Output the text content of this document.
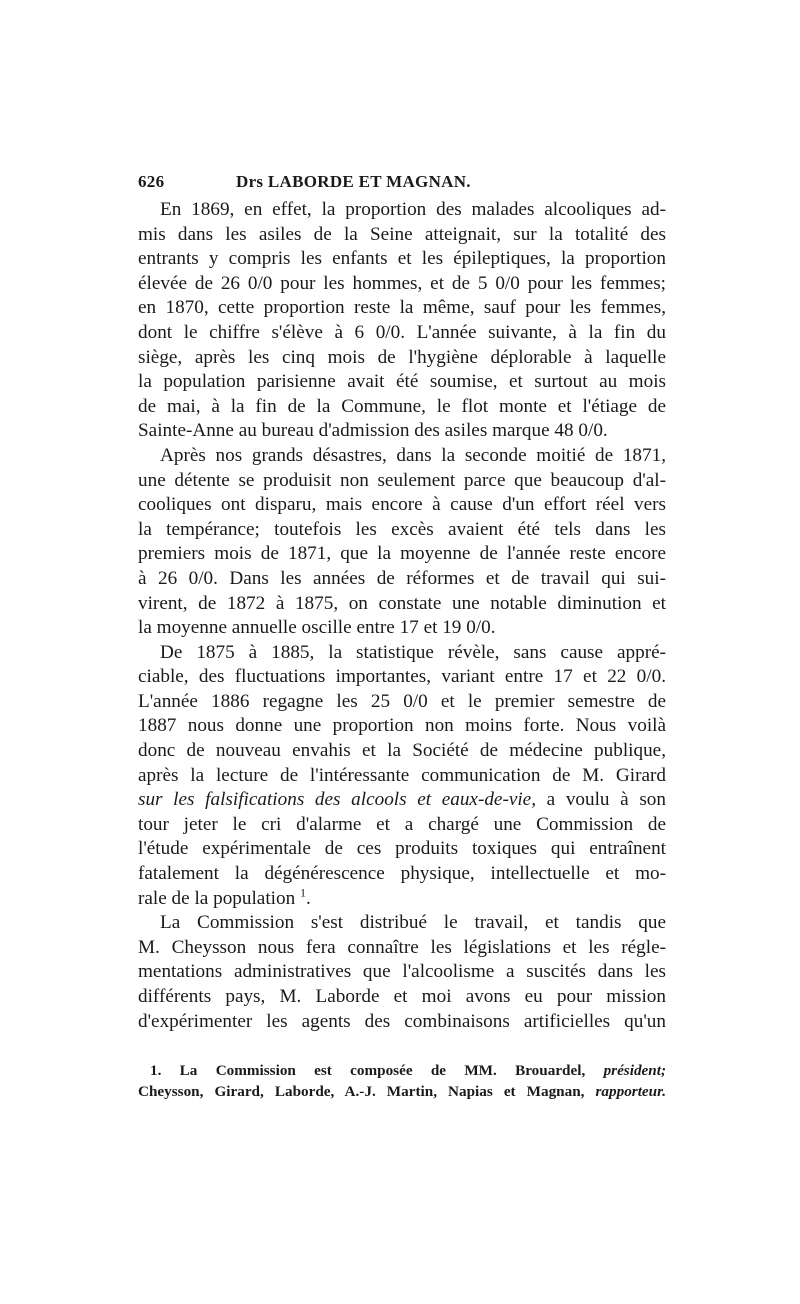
626	Drs LABORDE ET MAGNAN.

En 1869, en effet, la proportion des malades alcooliques ad-
mis dans les asiles de la Seine atteignait, sur la totalité des
entrants y compris les enfants et les épileptiques, la proportion
élevée de 26 0/0 pour les hommes, et de 5 0/0 pour les femmes;
en 1870, cette proportion reste la même, sauf pour les femmes,
dont le chiffre s'élève à 6 0/0. L'année suivante, à la fin du
siège, après les cinq mois de l'hygiène déplorable à laquelle
la population parisienne avait été soumise, et surtout au mois
de mai, à la fin de la Commune, le flot monte et l'étiage de
Sainte-Anne au bureau d'admission des asiles marque 48 0/0.

Après nos grands désastres, dans la seconde moitié de 1871,
une détente se produisit non seulement parce que beaucoup d'al-
cooliques ont disparu, mais encore à cause d'un effort réel vers
la tempérance; toutefois les excès avaient été tels dans les
premiers mois de 1871, que la moyenne de l'année reste encore
à 26 0/0. Dans les années de réformes et de travail qui sui-
virent, de 1872 à 1875, on constate une notable diminution et
la moyenne annuelle oscille entre 17 et 19 0/0.

De 1875 à 1885, la statistique révèle, sans cause appré-
ciable, des fluctuations importantes, variant entre 17 et 22 0/0.
L'année 1886 regagne les 25 0/0 et le premier semestre de
1887 nous donne une proportion non moins forte. Nous voilà
donc de nouveau envahis et la Société de médecine publique,
après la lecture de l'intéressante communication de M. Girard
sur les falsifications des alcools et eaux-de-vie, a voulu à son
tour jeter le cri d'alarme et a chargé une Commission de
l'étude expérimentale de ces produits toxiques qui entraînent
fatalement la dégénérescence physique, intellectuelle et mo-
rale de la population $^1$.

La Commission s'est distribué le travail, et tandis que
M. Cheysson nous fera connaître les législations et les régle-
mentations administratives que l'alcoolisme a suscités dans les
différents pays, M. Laborde et moi avons eu pour mission
d'expérimenter les agents des combinaisons artificielles qu'un

1. La Commission est composée de MM. Brouardel, président;
Cheysson, Girard, Laborde, A.-J. Martin, Napias et Magnan, rapporteur.
